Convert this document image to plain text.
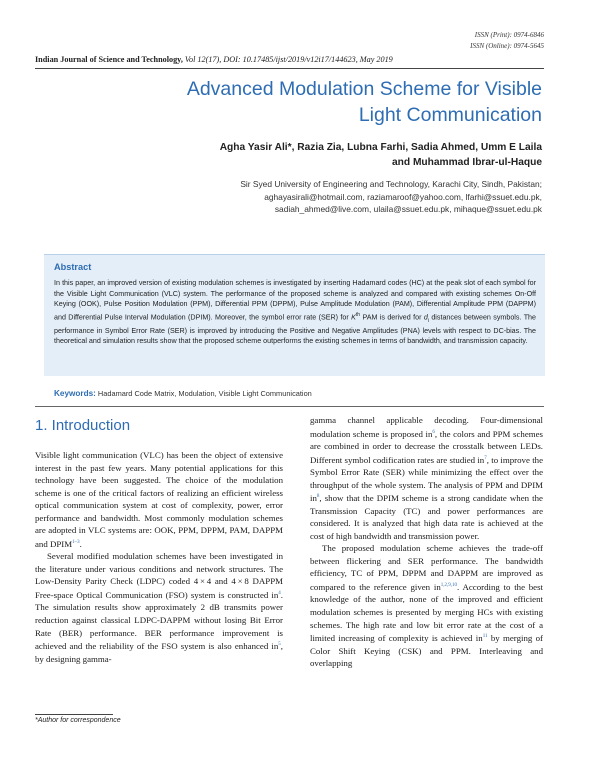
ISSN (Print): 0974-6846
ISSN (Online): 0974-5645
Indian Journal of Science and Technology, Vol 12(17), DOI: 10.17485/ijst/2019/v12i17/144623, May 2019
Advanced Modulation Scheme for Visible
Light Communication
Agha Yasir Ali*, Razia Zia, Lubna Farhi, Sadia Ahmed, Umm E Laila
and Muhammad Ibrar-ul-Haque
Sir Syed University of Engineering and Technology, Karachi City, Sindh, Pakistan;
aghayasirali@hotmail.com, raziamaroof@yahoo.com, lfarhi@ssuet.edu.pk,
sadiah_ahmed@live.com, ulaila@ssuet.edu.pk, mihaque@ssuet.edu.pk
Abstract
In this paper, an improved version of existing modulation schemes is investigated by inserting Hadamard codes (HC) at the peak slot of each symbol for the Visible Light Communication (VLC) system. The performance of the proposed scheme is analyzed and compared with existing schemes On-Off Keying (OOK), Pulse Position Modulation (PPM), Differential PPM (DPPM), Pulse Amplitude Modulation (PAM), Differential Amplitude PPM (DAPPM) and Differential Pulse Interval Modulation (DPIM). Moreover, the symbol error rate (SER) for $K^{th}$ PAM is derived for $d_i$ distances between symbols. The performance in Symbol Error Rate (SER) is improved by introducing the Positive and Negative Amplitudes (PNA) levels with respect to DC-bias. The theoretical and simulation results show that the proposed scheme outperforms the existing schemes in terms of bandwidth, and transmission capacity.
Keywords: Hadamard Code Matrix, Modulation, Visible Light Communication
1. Introduction

Visible light communication (VLC) has been the object of extensive interest in the past few years. Many potential applications for this technology have been suggested. The choice of the modulation scheme is one of the critical factors of realizing an efficient wireless optical communication system at cost of complexity, power, error performance and bandwidth. Most commonly modulation schemes are adopted in VLC systems are: OOK, PPM, DPPM, PAM, DAPPM and DPIM$^{1-3}$.

Several modified modulation schemes have been investigated in the literature under various conditions and network structures. The Low-Density Parity Check (LDPC) coded 4 × 4 and 4 × 8 DAPPM Free-space Optical Communication (FSO) system is constructed $in^4$. The simulation results show approximately 2 dB transmits power reduction against classical LDPC-DAPPM without losing Bit Error Rate (BER) performance. BER performance improvement is achieved and the reliability of the FSO system is also enhanced $in^5$, by designing gamma-

gamma channel applicable decoding. Four-dimensional modulation scheme is proposed $in^6$, the colors and PPM schemes are combined in order to decrease the crosstalk between LEDs. Different symbol codification rates are studied $in^7$, to improve the Symbol Error Rate (SER) while minimizing the effect over the throughput of the whole system. The analysis of PPM and DPIM $in^8$, show that the DPIM scheme is a strong candidate when the Transmission Capacity (TC) and power performances are considered. It is analyzed that high data rate is achieved at the cost of high bandwidth and transmission power.

The proposed modulation scheme achieves the trade-off between flickering and SER performance. The bandwidth efficiency, TC of PPM, DPPM and DAPPM are improved as compared to the reference given in$^{1,2,9,10}$. According to the best knowledge of the author, none of the improved and efficient modulation schemes is presented by merging HCs with existing schemes. The high rate and low bit error rate at the cost of a limited increasing of complexity is achieved $in^{11}$ by merging of Color Shift Keying (CSK) and PPM. Interleaving and overlapping

*Author for correspondence
